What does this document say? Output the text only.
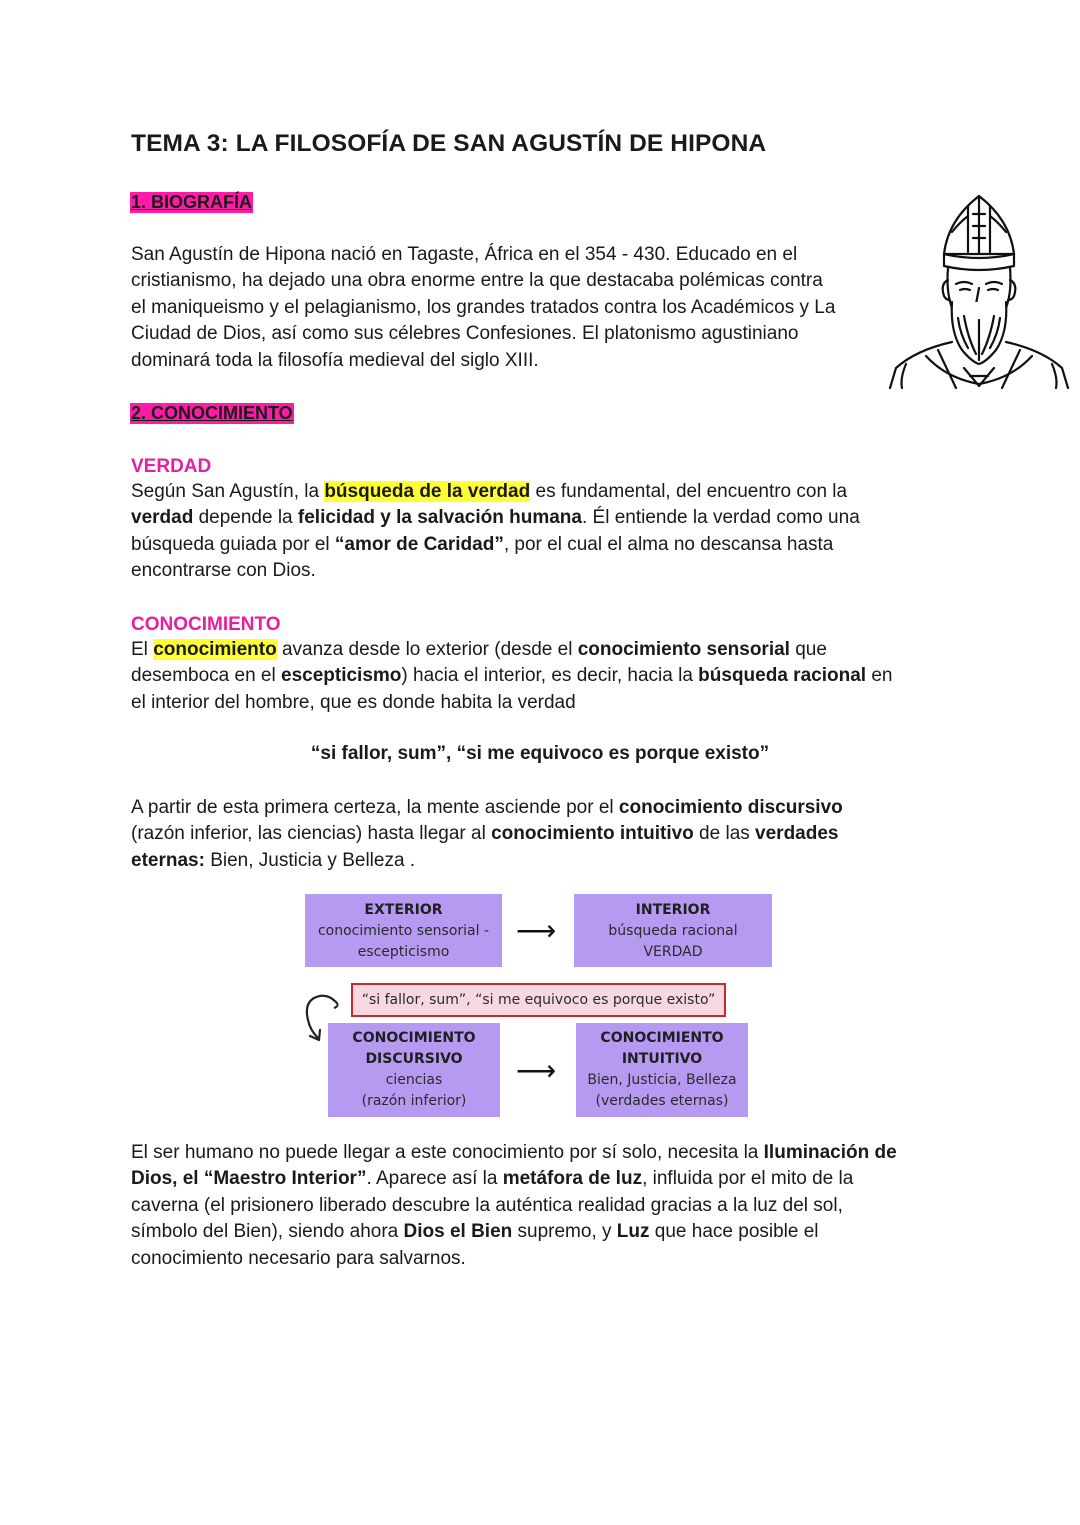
TEMA 3: LA FILOSOFÍA DE SAN AGUSTÍN DE HIPONA
1. BIOGRAFÍA
San Agustín de Hipona nació en Tagaste, África en el 354 - 430. Educado en el
cristianismo, ha dejado una obra enorme entre la que destacaba polémicas contra
el maniqueismo y el pelagianismo, los grandes tratados contra los Académicos y La
Ciudad de Dios, así como sus célebres Confesiones. El platonismo agustiniano
dominará toda la filosofía medieval del siglo XIII.
2. CONOCIMIENTO
VERDAD
Según San Agustín, la búsqueda de la verdad es fundamental, del encuentro con la
verdad depende la felicidad y la salvación humana. Él entiende la verdad como una
búsqueda guiada por el “amor de Caridad”, por el cual el alma no descansa hasta
encontrarse con Dios.
CONOCIMIENTO
El conocimiento avanza desde lo exterior (desde el conocimiento sensorial que
desemboca en el escepticismo) hacia el interior, es decir, hacia la búsqueda racional en
el interior del hombre, que es donde habita la verdad
“si fallor, sum”, “si me equivoco es porque existo”
A partir de esta primera certeza, la mente asciende por el conocimiento discursivo
(razón inferior, las ciencias) hasta llegar al conocimiento intuitivo de las verdades
eternas: Bien, Justicia y Belleza .
EXTERIOR
conocimiento sensorial -
escepticismo
⟶
INTERIOR
búsqueda racional
VERDAD
“si fallor, sum”, “si me equivoco es porque existo”
CONOCIMIENTO
DISCURSIVO
ciencias
(razón inferior)
⟶
CONOCIMIENTO
INTUITIVO
Bien, Justicia, Belleza
(verdades eternas)
El ser humano no puede llegar a este conocimiento por sí solo, necesita la Iluminación de
Dios, el “Maestro Interior”. Aparece así la metáfora de luz, influida por el mito de la
caverna (el prisionero liberado descubre la auténtica realidad gracias a la luz del sol,
símbolo del Bien), siendo ahora Dios el Bien supremo, y Luz que hace posible el
conocimiento necesario para salvarnos.
